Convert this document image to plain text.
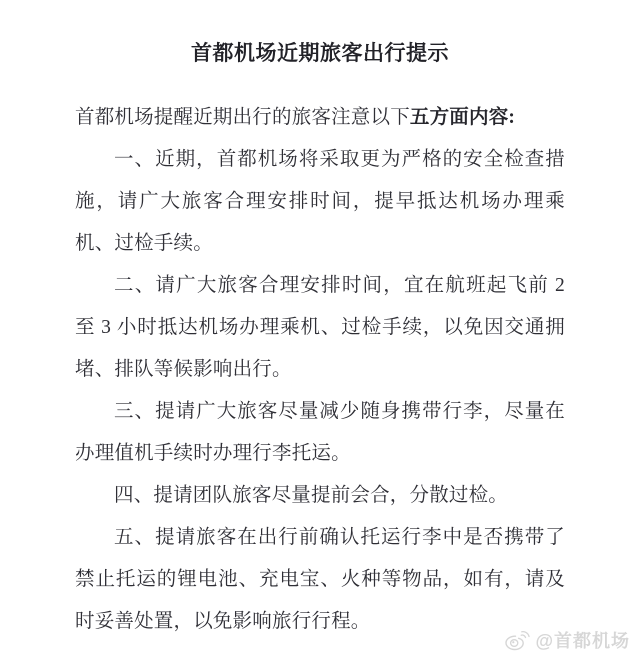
首都机场近期旅客出行提示

首都机场提醒近期出行的旅客注意以下五方面内容:

一、近期，首都机场将采取更为严格的安全检查措施，请广大旅客合理安排时间，提早抵达机场办理乘机、过检手续。

二、请广大旅客合理安排时间，宜在航班起飞前 2 至 3 小时抵达机场办理乘机、过检手续，以免因交通拥堵、排队等候影响出行。

三、提请广大旅客尽量减少随身携带行李，尽量在办理值机手续时办理行李托运。

四、提请团队旅客尽量提前会合，分散过检。

五、提请旅客在出行前确认托运行李中是否携带了禁止托运的锂电池、充电宝、火种等物品，如有，请及时妥善处置，以免影响旅行行程。

@首都机场
